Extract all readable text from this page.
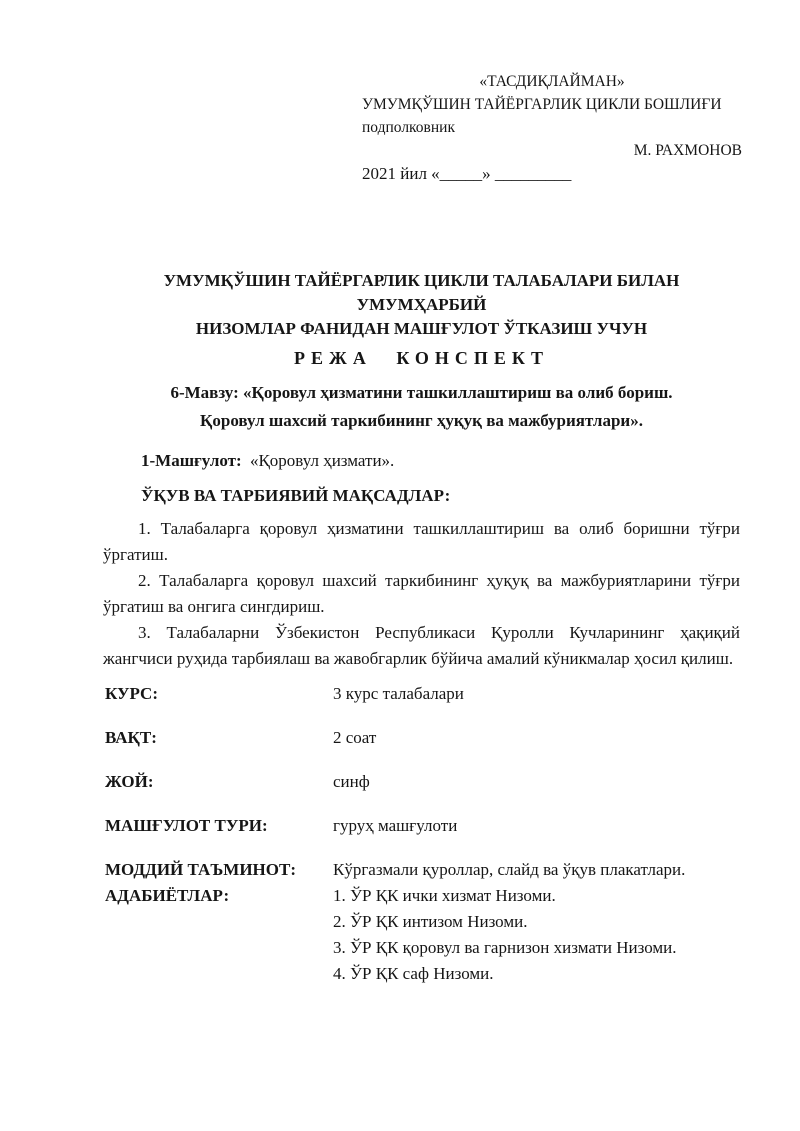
«ТАСДИҚЛАЙМАН»
УМУМҚЎШИН ТАЙЁРГАРЛИК ЦИКЛИ БОШЛИҒИ
подполковник
М. РАХМОНОВ
2021 йил «_____» _________
УМУМҚЎШИН ТАЙЁРГАРЛИК ЦИКЛИ ТАЛАБАЛАРИ БИЛАН УМУМҲАРБИЙ
НИЗОМЛАР ФАНИДАН МАШҒУЛОТ ЎТКАЗИШ УЧУН
РЕЖА КОНСПЕКТ
6-Мавзу: «Қоровул ҳизматини ташкиллаштириш ва олиб бориш.
Қоровул шахсий таркибининг ҳуқуқ ва мажбуриятлари».

1-Машғулот: «Қоровул ҳизмати».

ЎҚУВ ВА ТАРБИЯВИЙ МАҚСАДЛАР:

1. Талабаларга қоровул ҳизматини ташкиллаштириш ва олиб боришни тўғри ўргатиш.

2. Талабаларга қоровул шахсий таркибининг ҳуқуқ ва мажбуриятларини тўғри ўргатиш ва онгига сингдириш.

3. Талабаларни Ўзбекистон Республикаси Қуролли Кучларининг ҳақиқий жангчиси руҳида тарбиялаш ва жавобгарлик бўйича амалий кўникмалар ҳосил қилиш.

КУРС:	3 курс талабалари
ВАҚТ:	2 соат
ЖОЙ:	синф
МАШҒУЛОТ ТУРИ:	гуруҳ машғулоти
МОДДИЙ ТАЪМИНОТ:	Кўргазмали қуроллар, слайд ва ўқув плакатлари.
АДАБИЁТЛАР:	1. ЎР ҚК ички хизмат Низоми.
2. ЎР ҚК интизом Низоми.
3. ЎР ҚК қоровул ва гарнизон хизмати Низоми.
4. ЎР ҚК саф Низоми.
